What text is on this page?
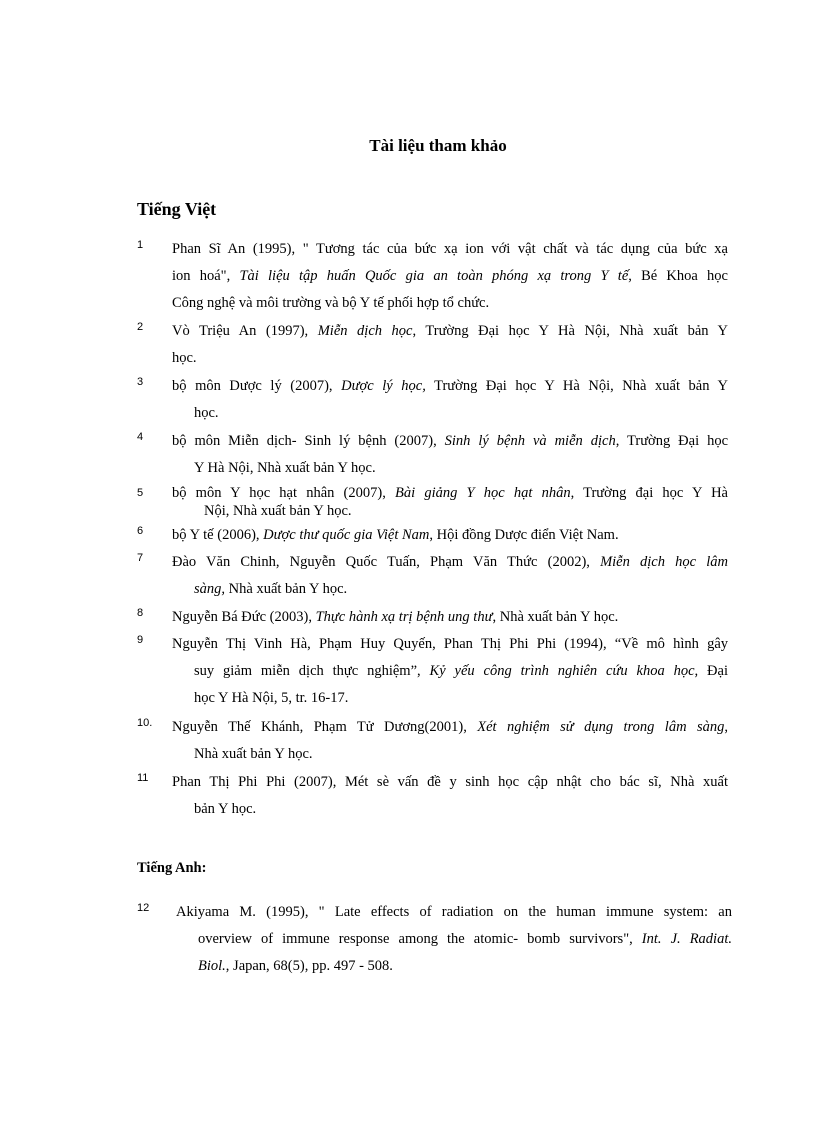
Tài liệu tham khảo
Tiếng Việt
Tiếng Anh:
1 Phan Sĩ An (1995), " Tương tác của bức xạ ion với vật chất và tác dụng của bức xạ
ion hoá", Tài liệu tập huấn Quốc gia an toàn phóng xạ trong Y tế, Bé Khoa học
Công nghệ và môi trường và bộ Y tế phối hợp tổ chức.
2 Vò Triệu An (1997), Miễn dịch học, Trường Đại học Y Hà Nội, Nhà xuất bản Y
học.
3 bộ môn Dược lý (2007), Dược lý học, Trường Đại học Y Hà Nội, Nhà xuất bản Y
học.
4 bộ môn Miễn dịch- Sinh lý bệnh (2007), Sinh lý bệnh và miễn dịch, Trường Đại học
Y Hà Nội, Nhà xuất bản Y học.
5 bộ môn Y học hạt nhân (2007), Bài giảng Y học hạt nhân, Trường đại học Y Hà
Nội, Nhà xuất bản Y học.
6 bộ Y tế (2006), Dược thư quốc gia Việt Nam, Hội đồng Dược điển Việt Nam.
7 Đào Văn Chinh, Nguyễn Quốc Tuấn, Phạm Văn Thức (2002), Miễn dịch học lâm
sàng, Nhà xuất bản Y học.
8 Nguyễn Bá Đức (2003), Thực hành xạ trị bệnh ung thư, Nhà xuất bản Y học.
9 Nguyễn Thị Vinh Hà, Phạm Huy Quyến, Phan Thị Phi Phi (1994), “Về mô hình gây
suy giảm miễn dịch thực nghiệm”, Kỷ yếu công trình nghiên cứu khoa học, Đại
học Y Hà Nội, 5, tr. 16-17.
10. Nguyễn Thế Khánh, Phạm Tử Dương(2001), Xét nghiệm sử dụng trong lâm sàng,
Nhà xuất bản Y học.
11 Phan Thị Phi Phi (2007), Mét sè vấn đề y sinh học cập nhật cho bác sĩ, Nhà xuất
bản Y học.
12 Akiyama M. (1995), " Late effects of radiation on the human immune system: an
overview of immune response among the atomic- bomb survivors", Int. J. Radiat.
Biol., Japan, 68(5), pp. 497 - 508.
